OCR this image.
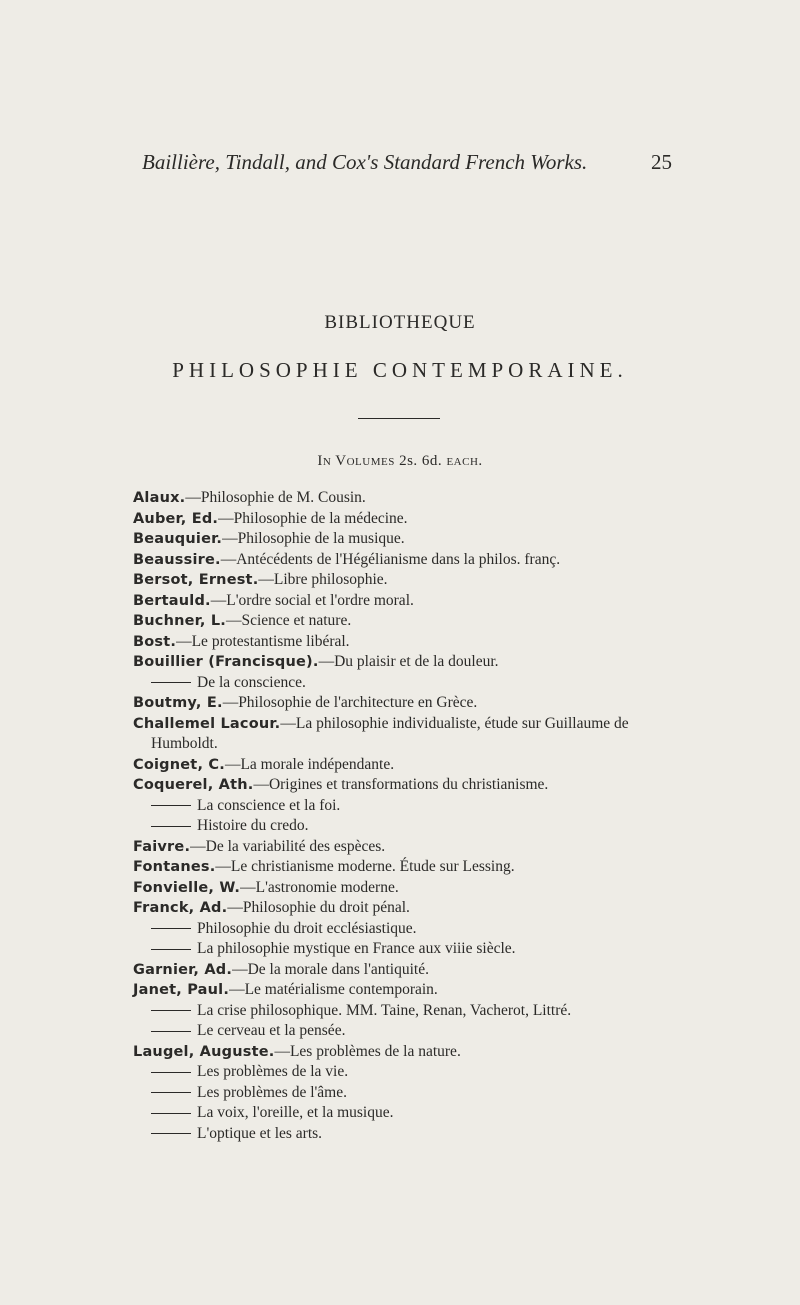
Baillière, Tindall, and Cox's Standard French Works.	25
BIBLIOTHEQUE
PHILOSOPHIE CONTEMPORAINE.
In Volumes 2s. 6d. each.
Alaux.—Philosophie de M. Cousin.
Auber, Ed.—Philosophie de la médecine.
Beauquier.—Philosophie de la musique.
Beaussire.—Antécédents de l'Hégélianisme dans la philos. franç.
Bersot, Ernest.—Libre philosophie.
Bertauld.—L'ordre social et l'ordre moral.
Buchner, L.—Science et nature.
Bost.—Le protestantisme libéral.
Bouillier (Francisque).—Du plaisir et de la douleur.
De la conscience.
Boutmy, E.—Philosophie de l'architecture en Grèce.
Challemel Lacour.—La philosophie individualiste, étude sur Guillaume de Humboldt.
Coignet, C.—La morale indépendante.
Coquerel, Ath.—Origines et transformations du christianisme.
La conscience et la foi.
Histoire du credo.
Faivre.—De la variabilité des espèces.
Fontanes.—Le christianisme moderne. Étude sur Lessing.
Fonvielle, W.—L'astronomie moderne.
Franck, Ad.—Philosophie du droit pénal.
Philosophie du droit ecclésiastique.
La philosophie mystique en France aux viiie siècle.
Garnier, Ad.—De la morale dans l'antiquité.
Janet, Paul.—Le matérialisme contemporain.
La crise philosophique. MM. Taine, Renan, Vacherot, Littré.
Le cerveau et la pensée.
Laugel, Auguste.—Les problèmes de la nature.
Les problèmes de la vie.
Les problèmes de l'âme.
La voix, l'oreille, et la musique.
L'optique et les arts.
